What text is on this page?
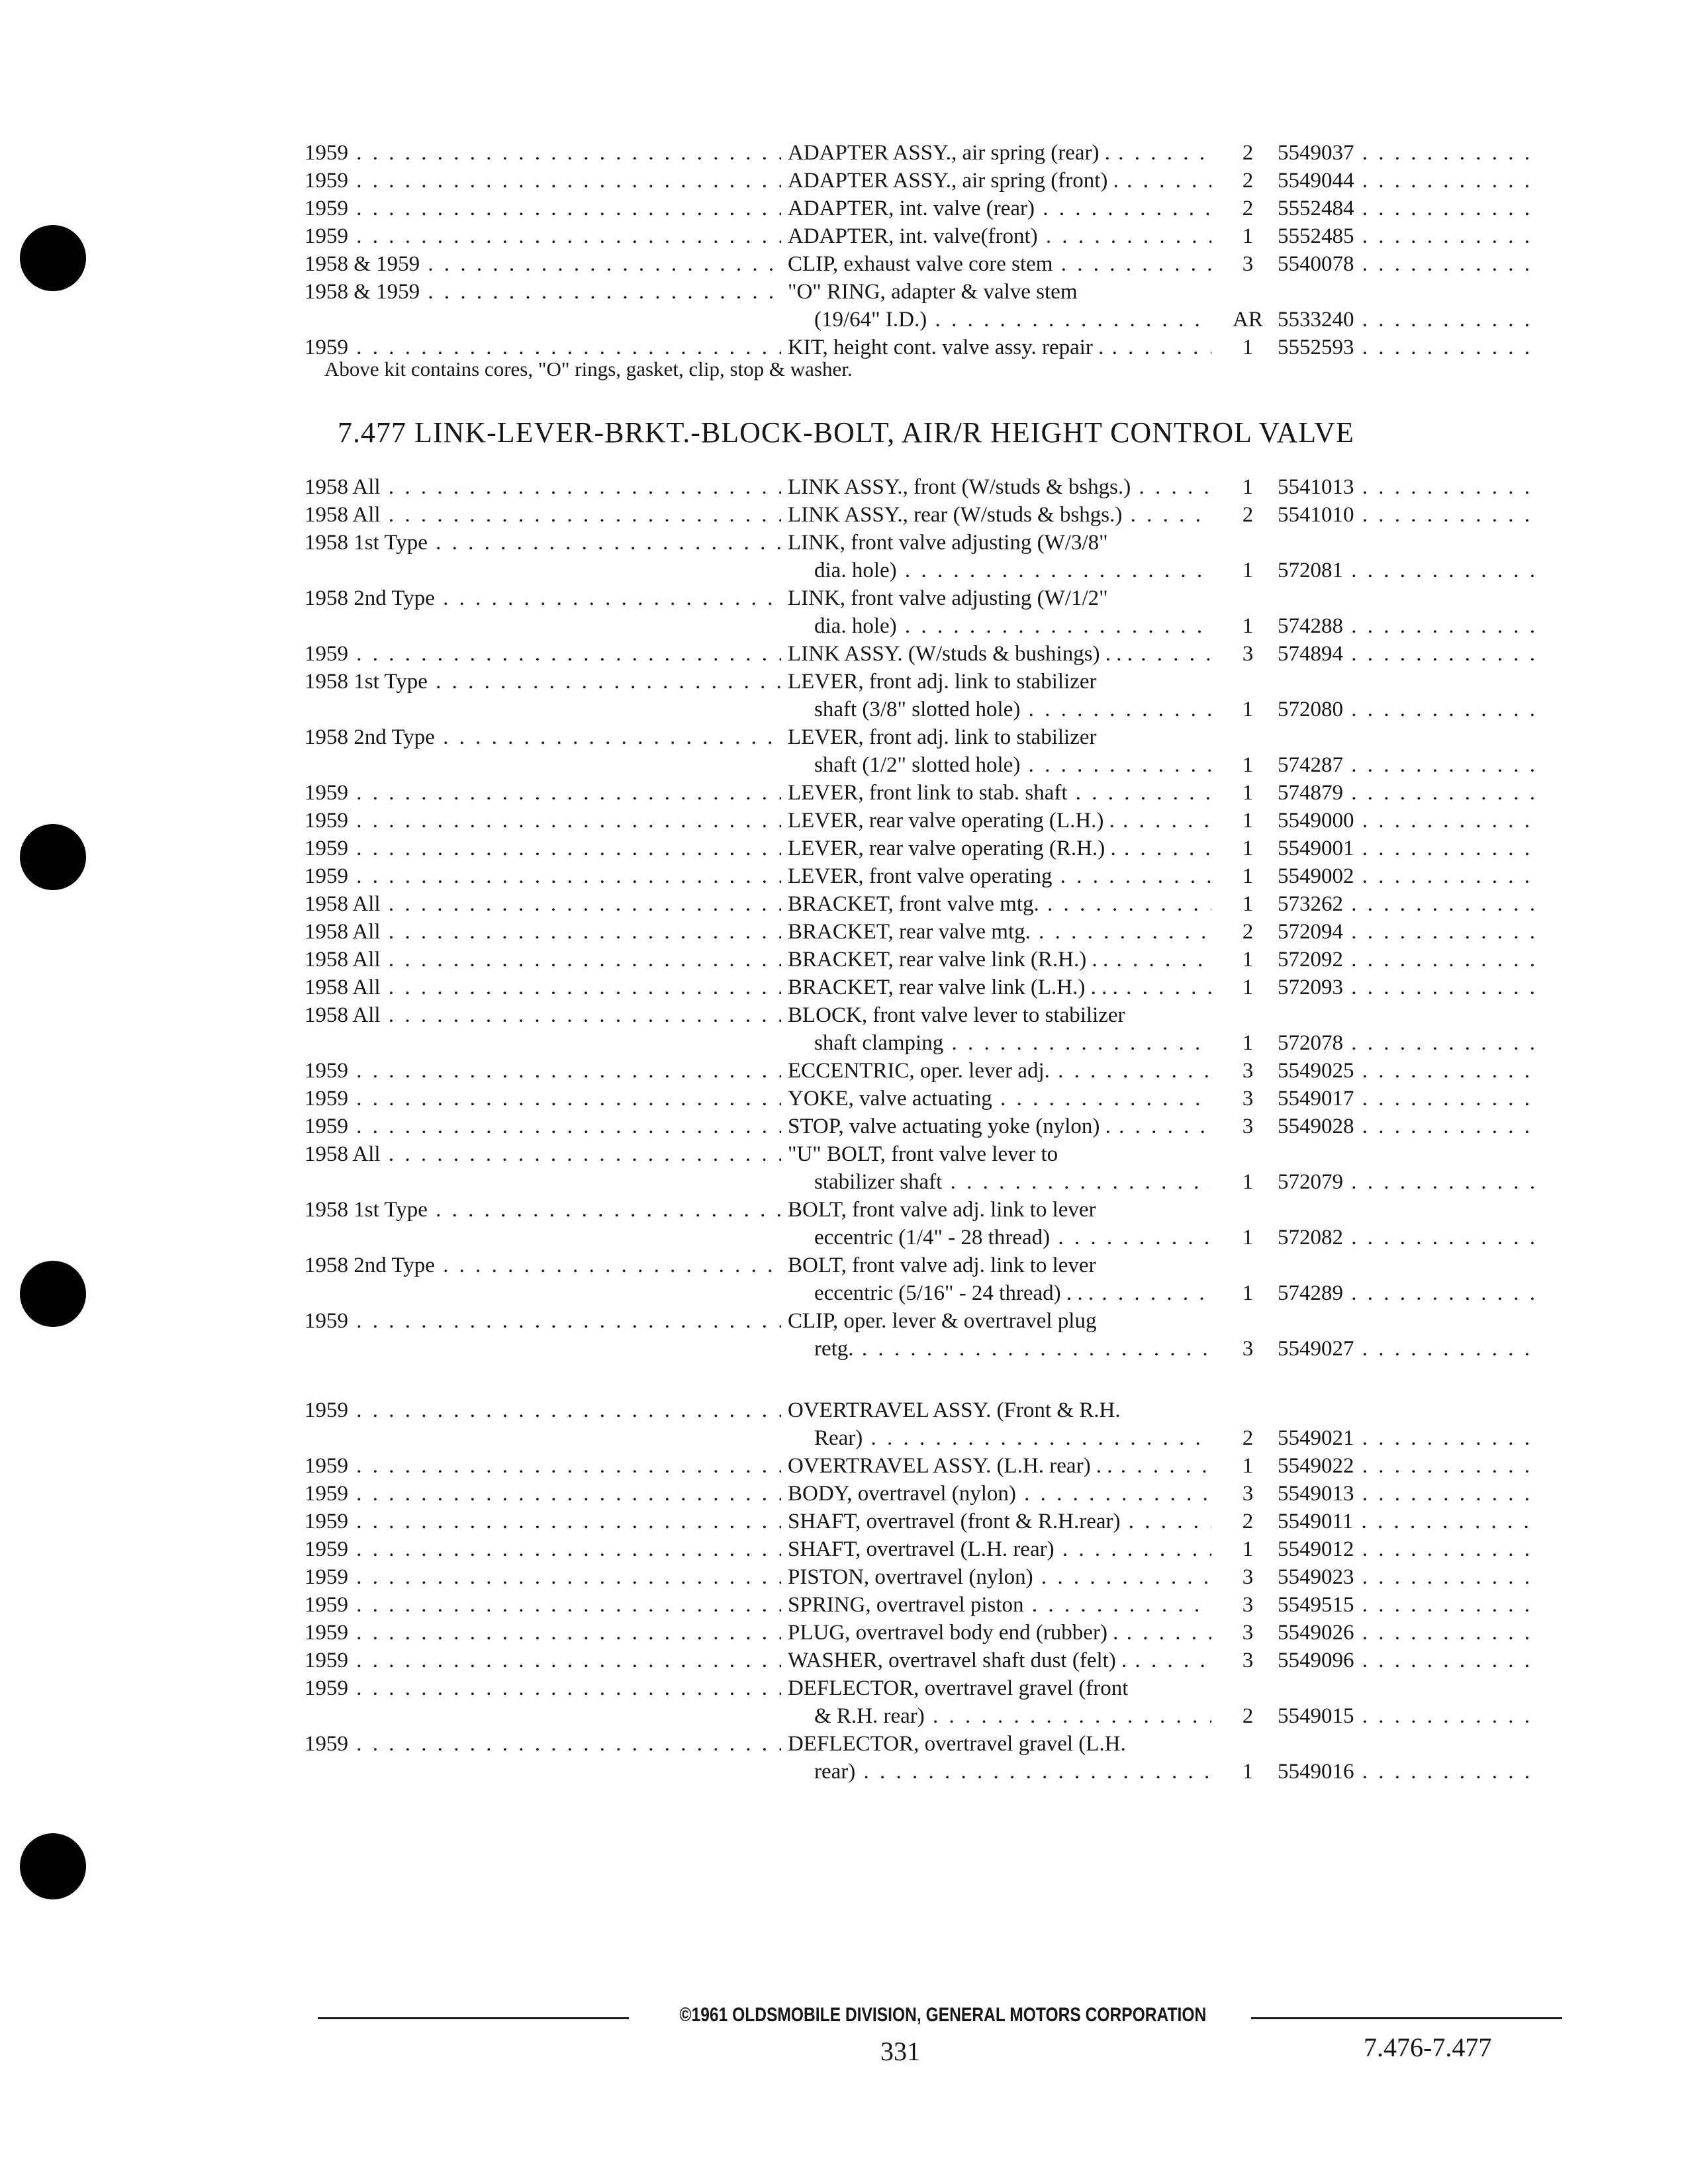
1959 . . .	ADAPTER ASSY., air spring (rear) . . . .	2	5549037 . . .
1959 . . .	ADAPTER ASSY., air spring (front) . . . .	2	5549044 . . .
1959 . . .	ADAPTER, int. valve (rear) . . .	2	5552484 . . .
1959 . . .	ADAPTER, int. valve(front) . . .	1	5552485 . . .
1958 & 1959 . . .	CLIP, exhaust valve core stem . . .	3	5540078 . . .
1958 & 1959 . . .	"O" RING, adapter & valve stem
(19/64" I.D.) . . .	AR 5533240 . . .
1959 . . .	KIT, height cont. valve assy. repair . . . .	1	5552593 . . .
Above kit contains cores, "O" rings, gasket, clip, stop & washer.
7.477 LINK-LEVER-BRKT.-BLOCK-BOLT, AIR/R HEIGHT CONTROL VALVE
1958 All . . .	LINK ASSY., front (W/studs & bshgs.) . . .	1	5541013 . . .
1958 All . . .	LINK ASSY., rear (W/studs & bshgs.) . . .	2	5541010 . . .
1958 1st Type . . .	LINK, front valve adjusting (W/3/8"
dia. hole) . . .	1	572081 . . .
1958 2nd Type . . .	LINK, front valve adjusting (W/1/2"
dia. hole) . . .	1	574288 . . .
1959 . . .	LINK ASSY. (W/studs & bushings) . . . . . .	3	574894 . . .
1958 1st Type . . .	LEVER, front adj. link to stabilizer
shaft (3/8" slotted hole) . . .	1	572080 . . .
1958 2nd Type . . .	LEVER, front adj. link to stabilizer
shaft (1/2" slotted hole) . . .	1	574287 . . .
1959 . . .	LEVER, front link to stab. shaft . . .	1	574879 . . .
1959 . . .	LEVER, rear valve operating (L.H.) . . . .	1	5549000 . . .
1959 . . .	LEVER, rear valve operating (R.H.) . . . .	1	5549001 . . .
1959 . . .	LEVER, front valve operating . . .	1	5549002 . . .
1958 All . . .	BRACKET, front valve mtg. . . .	1	573262 . . .
1958 All . . .	BRACKET, rear valve mtg. . . .	2	572094 . . .
1958 All . . .	BRACKET, rear valve link (R.H.) . . . . .	1	572092 . . .
1958 All . . .	BRACKET, rear valve link (L.H.) . . . . . .	1	572093 . . .
1958 All . . .	BLOCK, front valve lever to stabilizer
shaft clamping . . .	1	572078 . . .
1959 . . .	ECCENTRIC, oper. lever adj. . . .	3	5549025 . . .
1959 . . .	YOKE, valve actuating . . .	3	5549017 . . .
1959 . . .	STOP, valve actuating yoke (nylon) . . . .	3	5549028 . . .
1958 All . . .	"U" BOLT, front valve lever to
stabilizer shaft . . .	1	572079 . . .
1958 1st Type . . .	BOLT, front valve adj. link to lever
eccentric (1/4" - 28 thread) . . .	1	572082 . . .
1958 2nd Type . . .	BOLT, front valve adj. link to lever
eccentric (5/16" - 24 thread) . . . . . .	1	574289 . . .
1959 . . .	CLIP, oper. lever & overtravel plug
retg. . . .	3	5549027 . . .
1959 . . .	OVERTRAVEL ASSY. (Front & R.H.
Rear) . . .	2	5549021 . . .
1959 . . .	OVERTRAVEL ASSY. (L.H. rear) . . . . .	1	5549022 . . .
1959 . . .	BODY, overtravel (nylon) . . .	3	5549013 . . .
1959 . . .	SHAFT, overtravel (front & R.H.rear) . . .	2	5549011 . . .
1959 . . .	SHAFT, overtravel (L.H. rear) . . .	1	5549012 . . .
1959 . . .	PISTON, overtravel (nylon) . . .	3	5549023 . . .
1959 . . .	SPRING, overtravel piston . . .	3	5549515 . . .
1959 . . .	PLUG, overtravel body end (rubber) . . . .	3	5549026 . . .
1959 . . .	WASHER, overtravel shaft dust (felt) . . . .	3	5549096 . . .
1959 . . .	DEFLECTOR, overtravel gravel (front
& R.H. rear) . . .	2	5549015 . . .
1959 . . .	DEFLECTOR, overtravel gravel (L.H.
rear) . . .	1	5549016 . . .
©1961 OLDSMOBILE DIVISION, GENERAL MOTORS CORPORATION
331	7.476-7.477
